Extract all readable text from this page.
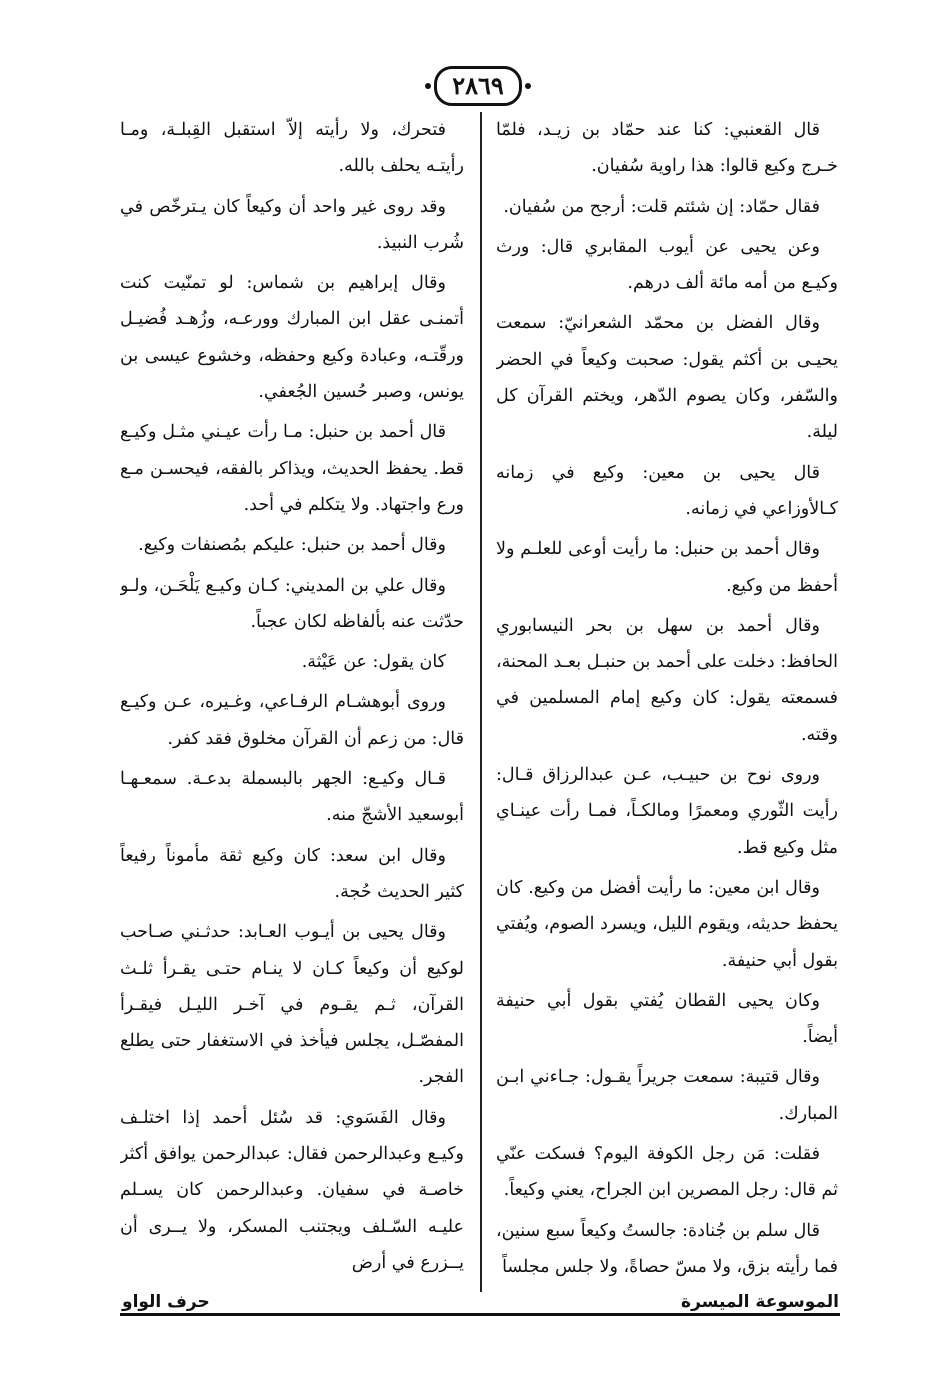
٢٨٦٩

قال القعنبي: كنا عند حمّاد بن زيـد، فلمّا خـرج وكيع قالوا: هذا راوية سُفيان.

فقال حمّاد: إن شئتم قلت: أرجح من سُفيان.

وعن يحيى عن أيوب المقابري قال: ورث وكيـع من أمه مائة ألف درهم.

وقال الفضل بن محمّد الشعرانيّ: سمعت يحيـى بن أكثم يقول: صحبت وكيعاً في الحضر والسّفر، وكان يصوم الدّهر، ويختم القرآن كل ليلة.

قال يحيى بن معين: وكيع في زمانه كـالأوزاعي في زمانه.

وقال أحمد بن حنبل: ما رأيت أوعى للعلـم ولا أحفظ من وكيع.

وقال أحمد بن سهل بن بحر النيسابوري الحافظ: دخلت على أحمد بن حنبـل بعـد المحنة، فسمعته يقول: كان وكيع إمام المسلمين في وقته.

وروى نوح بن حبيـب، عـن عبدالرزاق قـال: رأيت الثّوري ومعمرًا ومالكـاً، فمـا رأت عينـاي مثل وكيع قط.

وقال ابن معين: ما رأيت أفضل من وكيع. كان يحفظ حديثه، ويقوم الليل، ويسرد الصوم، ويُفتي بقول أبي حنيفة.

وكان يحيى القطان يُفتي بقول أبي حنيفة أيضاً.

وقال قتيبة: سمعت جريراً يقـول: جـاءني ابـن المبارك.

فقلت: مَن رجل الكوفة اليوم؟ فسكت عنّي ثم قال: رجل المصرين ابن الجراح، يعني وكيعاً.

قال سلم بن جُنادة: جالستُ وكيعاً سبع سنين، فما رأيته بزق، ولا مسّ حصاةً، ولا جلس مجلساً

فتحرك، ولا رأيته إلاّ استقبل القِبلـة، ومـا رأيتـه يحلف بالله.

وقد روى غير واحد أن وكيعاً كان يـترخّص في شُرب النبيذ.

وقال إبراهيم بن شماس: لو تمنّيت كنت أتمنـى عقل ابن المبارك وورعـه، وزُهـد فُضيـل ورقّتـه، وعبادة وكيع وحفظه، وخشوع عيسى بن يونس، وصبر حُسين الجُعفي.

قال أحمد بن حنبل: مـا رأت عيـني مثـل وكيـع قط. يحفظ الحديث، ويذاكر بالفقه، فيحسـن مـع ورع واجتهاد. ولا يتكلم في أحد.

وقال أحمد بن حنبل: عليكم بمُصنفات وكيع.

وقال علي بن المديني: كـان وكيـع يَلْحَـن، ولـو حدّثت عنه بألفاظه لكان عجباً.

كان يقول: عن عَيْثة.

وروى أبوهشـام الرفـاعي، وغـيره، عـن وكيـع قال: من زعم أن القرآن مخلوق فقد كفر.

قـال وكيـع: الجهر بالبسملة بدعـة. سمعـهـا أبوسعيد الأشجّ منه.

وقال ابن سعد: كان وكيع ثقة مأموناً رفيعاً كثير الحديث حُجة.

وقال يحيى بن أيـوب العـابد: حدثـني صـاحب لوكيع أن وكيعاً كـان لا ينـام حتـى يقـرأ ثلـث القرآن، ثـم يقـوم في آخـر الليـل فيقـرأ المفصّـل، يجلس فيأخذ في الاستغفار حتى يطلع الفجر.

وقال الفَسَوي: قد سُئل أحمد إذا اختلـف وكيـع وعبدالرحمن فقال: عبدالرحمن يوافق أكثر خاصـة في سفيان. وعبدالرحمن كان يسـلم عليـه السّـلف ويجتنب المسكر، ولا يــرى أن يــزرع في أرض

الموسوعة الميسرة
حرف الواو
